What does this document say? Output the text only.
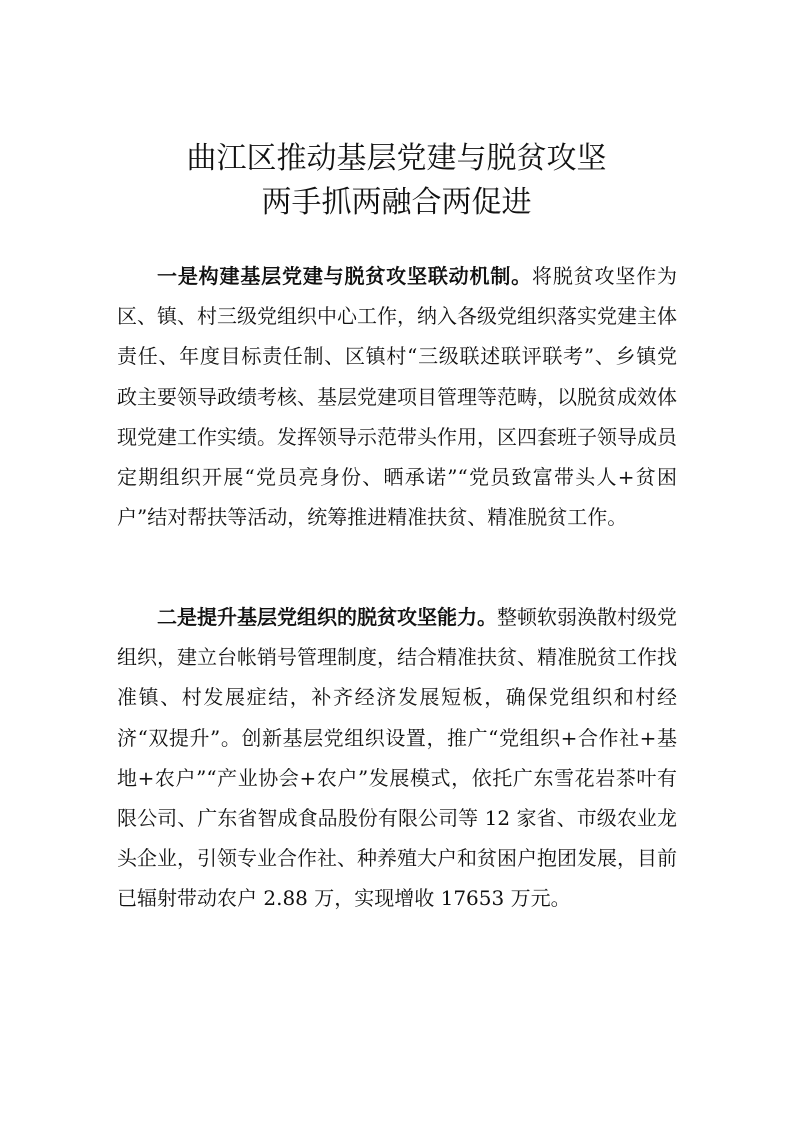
曲江区推动基层党建与脱贫攻坚
两手抓两融合两促进

一是构建基层党建与脱贫攻坚联动机制。将脱贫攻坚作为区、镇、村三级党组织中心工作，纳入各级党组织落实党建主体责任、年度目标责任制、区镇村“三级联述联评联考”、乡镇党政主要领导政绩考核、基层党建项目管理等范畴，以脱贫成效体现党建工作实绩。发挥领导示范带头作用，区四套班子领导成员定期组织开展“党员亮身份、晒承诺”“党员致富带头人+贫困户”结对帮扶等活动，统筹推进精准扶贫、精准脱贫工作。

二是提升基层党组织的脱贫攻坚能力。整顿软弱涣散村级党组织，建立台帐销号管理制度，结合精准扶贫、精准脱贫工作找准镇、村发展症结，补齐经济发展短板，确保党组织和村经济“双提升”。创新基层党组织设置，推广“党组织+合作社+基地+农户”“产业协会+农户”发展模式，依托广东雪花岩茶叶有限公司、广东省智成食品股份有限公司等 12 家省、市级农业龙头企业，引领专业合作社、种养殖大户和贫困户抱团发展，目前已辐射带动农户 2.88 万，实现增收 17653 万元。
